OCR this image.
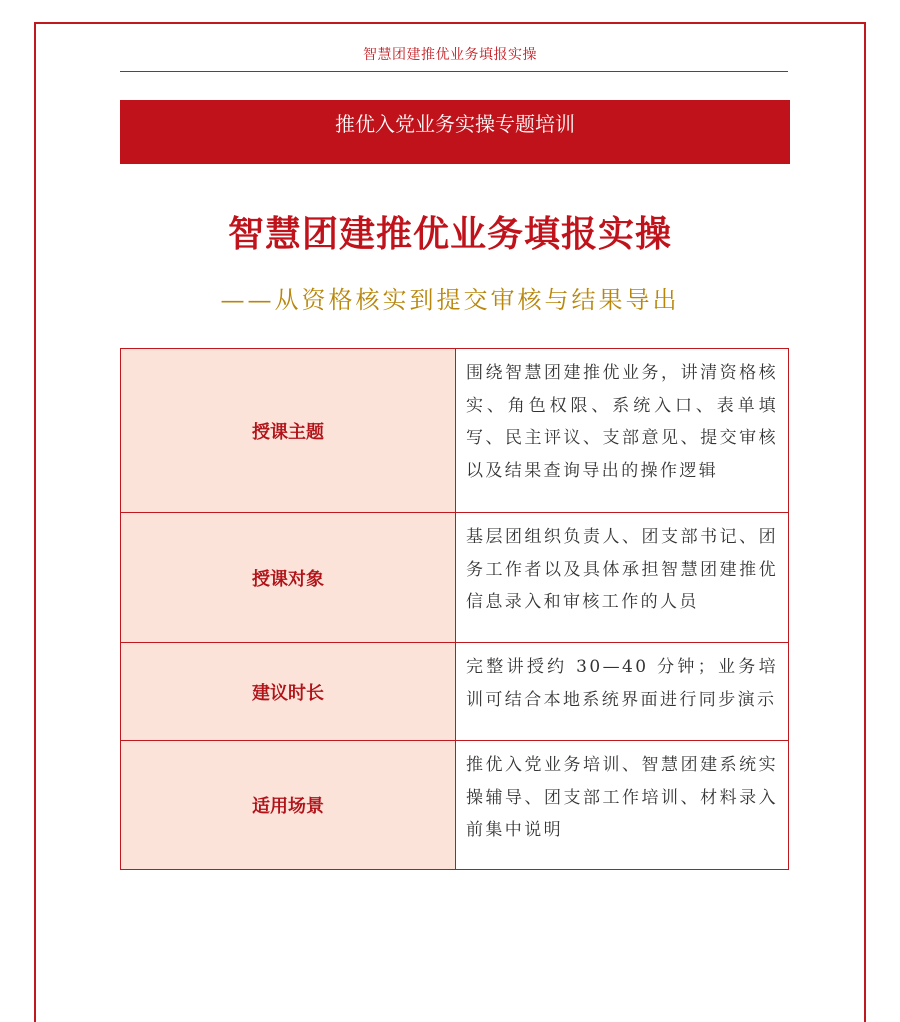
智慧团建推优业务填报实操
推优入党业务实操专题培训
智慧团建推优业务填报实操
——从资格核实到提交审核与结果导出
授课主题	围绕智慧团建推优业务，讲清资格核实、角色权限、系统入口、表单填写、民主评议、支部意见、提交审核以及结果查询导出的操作逻辑
授课对象	基层团组织负责人、团支部书记、团务工作者以及具体承担智慧团建推优信息录入和审核工作的人员
建议时长	完整讲授约 30—40 分钟；业务培训可结合本地系统界面进行同步演示
适用场景	推优入党业务培训、智慧团建系统实操辅导、团支部工作培训、材料录入前集中说明
